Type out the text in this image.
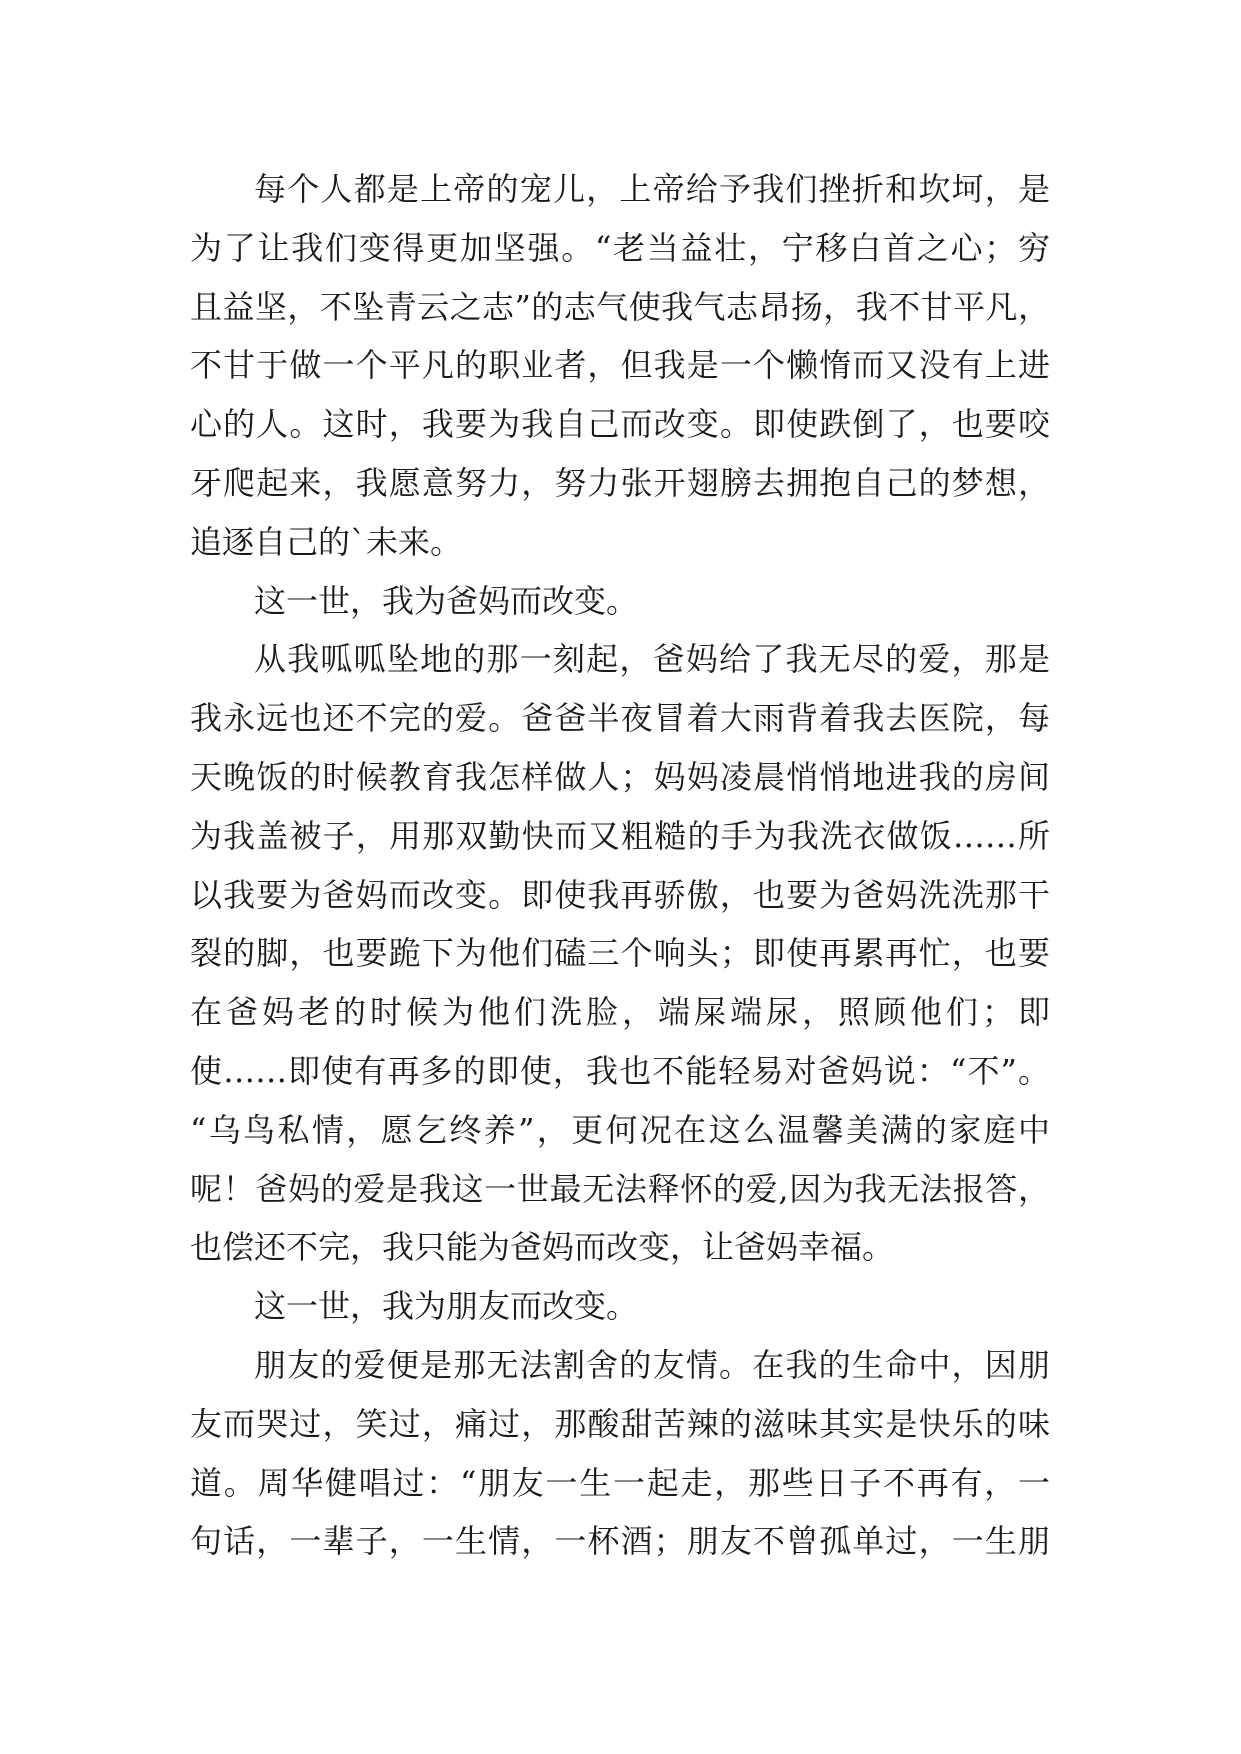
每个人都是上帝的宠儿，上帝给予我们挫折和坎坷，是
为了让我们变得更加坚强。“老当益壮，宁移白首之心；穷
且益坚，不坠青云之志”的志气使我气志昂扬，我不甘平凡，
不甘于做一个平凡的职业者，但我是一个懒惰而又没有上进
心的人。这时，我要为我自己而改变。即使跌倒了，也要咬
牙爬起来，我愿意努力，努力张开翅膀去拥抱自己的梦想，
追逐自己的`未来。
这一世，我为爸妈而改变。
从我呱呱坠地的那一刻起，爸妈给了我无尽的爱，那是
我永远也还不完的爱。爸爸半夜冒着大雨背着我去医院，每
天晚饭的时候教育我怎样做人；妈妈凌晨悄悄地进我的房间
为我盖被子，用那双勤快而又粗糙的手为我洗衣做饭……所
以我要为爸妈而改变。即使我再骄傲，也要为爸妈洗洗那干
裂的脚，也要跪下为他们磕三个响头；即使再累再忙，也要
在爸妈老的时候为他们洗脸，端屎端尿，照顾他们；即
使……即使有再多的即使，我也不能轻易对爸妈说：“不”。
“乌鸟私情，愿乞终养”，更何况在这么温馨美满的家庭中
呢！爸妈的爱是我这一世最无法释怀的爱,因为我无法报答，
也偿还不完，我只能为爸妈而改变，让爸妈幸福。
这一世，我为朋友而改变。
朋友的爱便是那无法割舍的友情。在我的生命中，因朋
友而哭过，笑过，痛过，那酸甜苦辣的滋味其实是快乐的味
道。周华健唱过：“朋友一生一起走，那些日子不再有，一
句话，一辈子，一生情，一杯酒；朋友不曾孤单过，一生朋
